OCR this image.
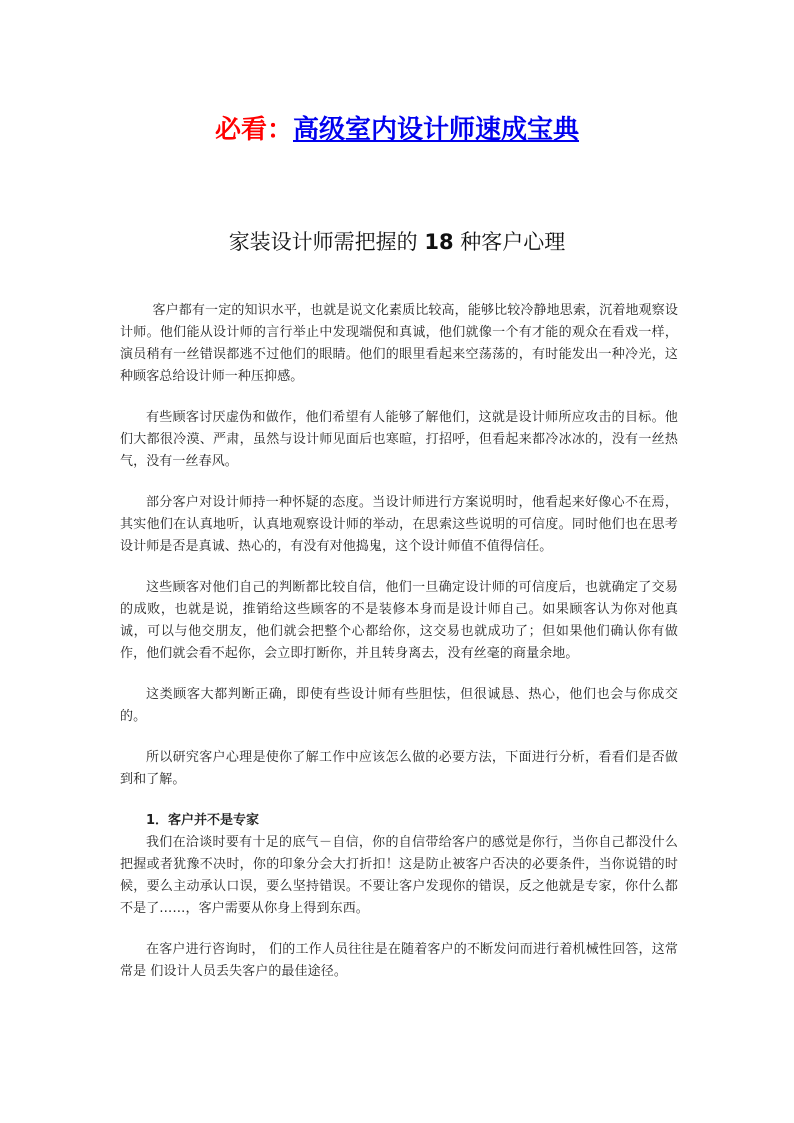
必看：高级室内设计师速成宝典
家装设计师需把握的 18 种客户心理

客户都有一定的知识水平，也就是说文化素质比较高，能够比较冷静地思索，沉着地观察设计师。他们能从设计师的言行举止中发现端倪和真诚，他们就像一个有才能的观众在看戏一样，演员稍有一丝错误都逃不过他们的眼睛。他们的眼里看起来空荡荡的，有时能发出一种冷光，这种顾客总给设计师一种压抑感。

有些顾客讨厌虚伪和做作，他们希望有人能够了解他们，这就是设计师所应攻击的目标。他们大都很冷漠、严肃，虽然与设计师见面后也寒暄，打招呼，但看起来都冷冰冰的，没有一丝热气，没有一丝春风。

部分客户对设计师持一种怀疑的态度。当设计师进行方案说明时，他看起来好像心不在焉，其实他们在认真地听，认真地观察设计师的举动，在思索这些说明的可信度。同时他们也在思考设计师是否是真诚、热心的，有没有对他捣鬼，这个设计师值不值得信任。

这些顾客对他们自己的判断都比较自信，他们一旦确定设计师的可信度后，也就确定了交易的成败，也就是说，推销给这些顾客的不是装修本身而是设计师自己。如果顾客认为你对他真诚，可以与他交朋友，他们就会把整个心都给你，这交易也就成功了；但如果他们确认你有做作，他们就会看不起你，会立即打断你，并且转身离去，没有丝毫的商量余地。

这类顾客大都判断正确，即使有些设计师有些胆怯，但很诚恳、热心，他们也会与你成交的。

所以研究客户心理是使你了解工作中应该怎么做的必要方法，下面进行分析，看看们是否做到和了解。

1．客户并不是专家

我们在洽谈时要有十足的底气－自信，你的自信带给客户的感觉是你行，当你自己都没什么把握或者犹豫不决时，你的印象分会大打折扣！这是防止被客户否决的必要条件，当你说错的时候，要么主动承认口误，要么坚持错误。不要让客户发现你的错误，反之他就是专家，你什么都不是了……，客户需要从你身上得到东西。

在客户进行咨询时， 们的工作人员往往是在随着客户的不断发问而进行着机械性回答，这常常是 们设计人员丢失客户的最佳途径。
